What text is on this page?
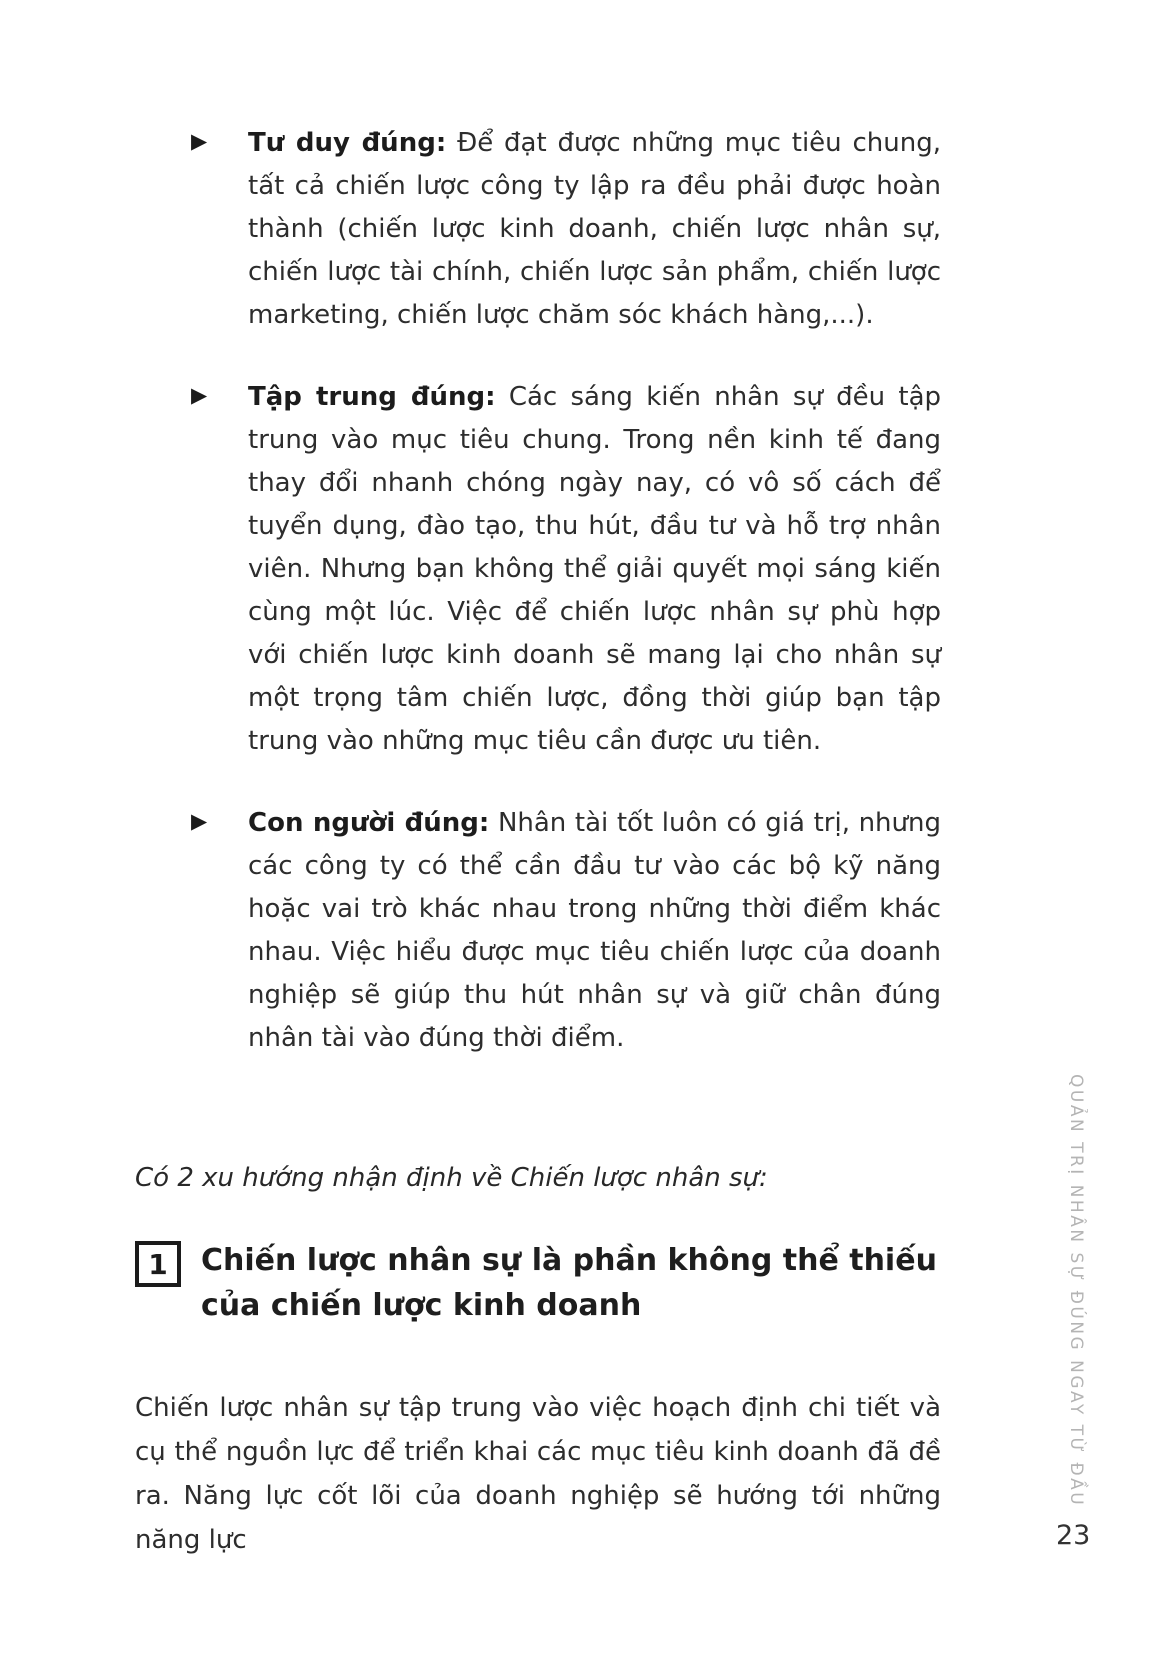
▶ Tư duy đúng: Để đạt được những mục tiêu chung, tất cả chiến lược công ty lập ra đều phải được hoàn thành (chiến lược kinh doanh, chiến lược nhân sự, chiến lược tài chính, chiến lược sản phẩm, chiến lược marketing, chiến lược chăm sóc khách hàng,...).

▶ Tập trung đúng: Các sáng kiến nhân sự đều tập trung vào mục tiêu chung. Trong nền kinh tế đang thay đổi nhanh chóng ngày nay, có vô số cách để tuyển dụng, đào tạo, thu hút, đầu tư và hỗ trợ nhân viên. Nhưng bạn không thể giải quyết mọi sáng kiến cùng một lúc. Việc để chiến lược nhân sự phù hợp với chiến lược kinh doanh sẽ mang lại cho nhân sự một trọng tâm chiến lược, đồng thời giúp bạn tập trung vào những mục tiêu cần được ưu tiên.

▶ Con người đúng: Nhân tài tốt luôn có giá trị, nhưng các công ty có thể cần đầu tư vào các bộ kỹ năng hoặc vai trò khác nhau trong những thời điểm khác nhau. Việc hiểu được mục tiêu chiến lược của doanh nghiệp sẽ giúp thu hút nhân sự và giữ chân đúng nhân tài vào đúng thời điểm.

Có 2 xu hướng nhận định về Chiến lược nhân sự:

1 Chiến lược nhân sự là phần không thể thiếu của chiến lược kinh doanh

Chiến lược nhân sự tập trung vào việc hoạch định chi tiết và cụ thể nguồn lực để triển khai các mục tiêu kinh doanh đã đề ra. Năng lực cốt lõi của doanh nghiệp sẽ hướng tới những năng lực

QUẢN TRỊ NHÂN SỰ ĐÚNG NGAY TỪ ĐẦU
23
